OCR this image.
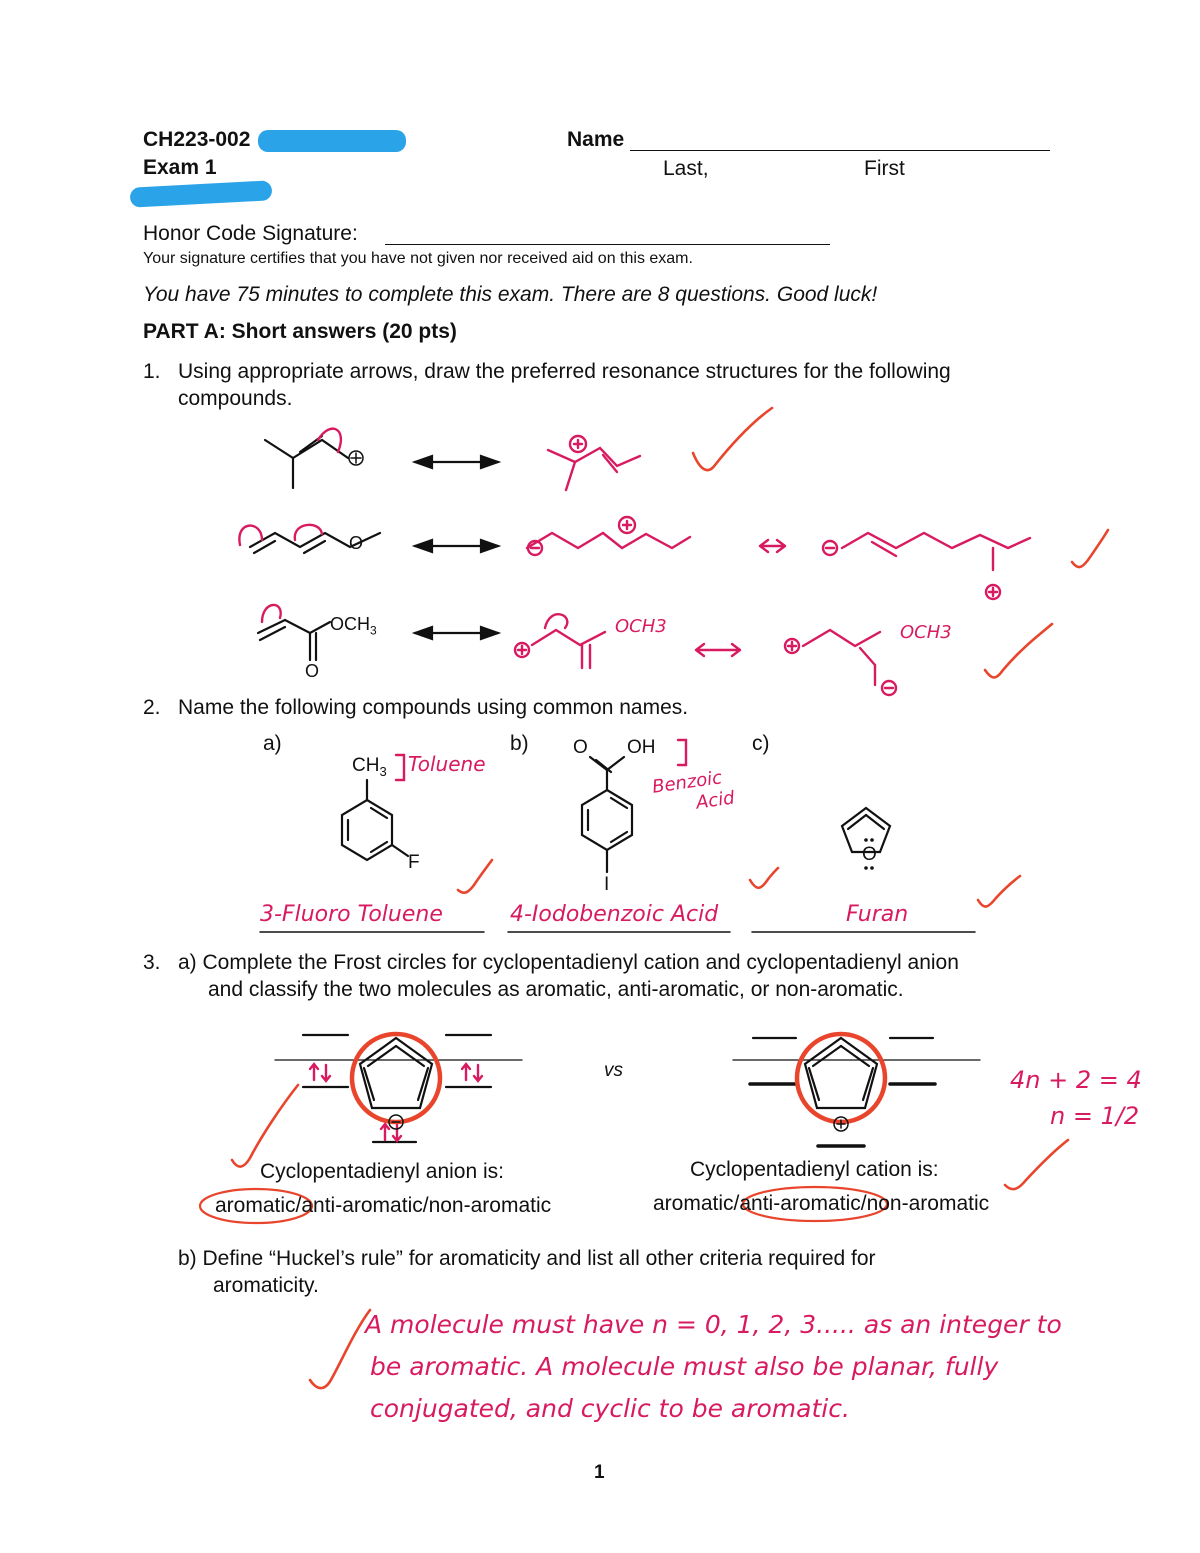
CH223-002
Exam 1
Name
Last,	First
Honor Code Signature:
Your signature certifies that you have not given nor received aid on this exam.
You have 75 minutes to complete this exam. There are 8 questions. Good luck!
PART A: Short answers (20 pts)
1. Using appropriate arrows, draw the preferred resonance structures for the following
compounds.
O
$OCH_3$
O
OCH3	OCH3
2. Name the following compounds using common names.
a)	b)	c)
$CH_3$
F
O OH
I
O
Toluene
Benzoic
Acid
3-Fluoro Toluene	4-Iodobenzoic Acid	Furan
3. a) Complete the Frost circles for cyclopentadienyl cation and cyclopentadienyl anion
and classify the two molecules as aromatic, anti-aromatic, or non-aromatic.
vs
Cyclopentadienyl anion is:
aromatic/anti-aromatic/non-aromatic
Cyclopentadienyl cation is:
aromatic/anti-aromatic/non-aromatic
4n + 2 = 4
n = 1/2
b) Define “Huckel’s rule” for aromaticity and list all other criteria required for
aromaticity.
A molecule must have n = 0, 1, 2, 3..... as an integer to
be aromatic. A molecule must also be planar, fully
conjugated, and cyclic to be aromatic.
1
